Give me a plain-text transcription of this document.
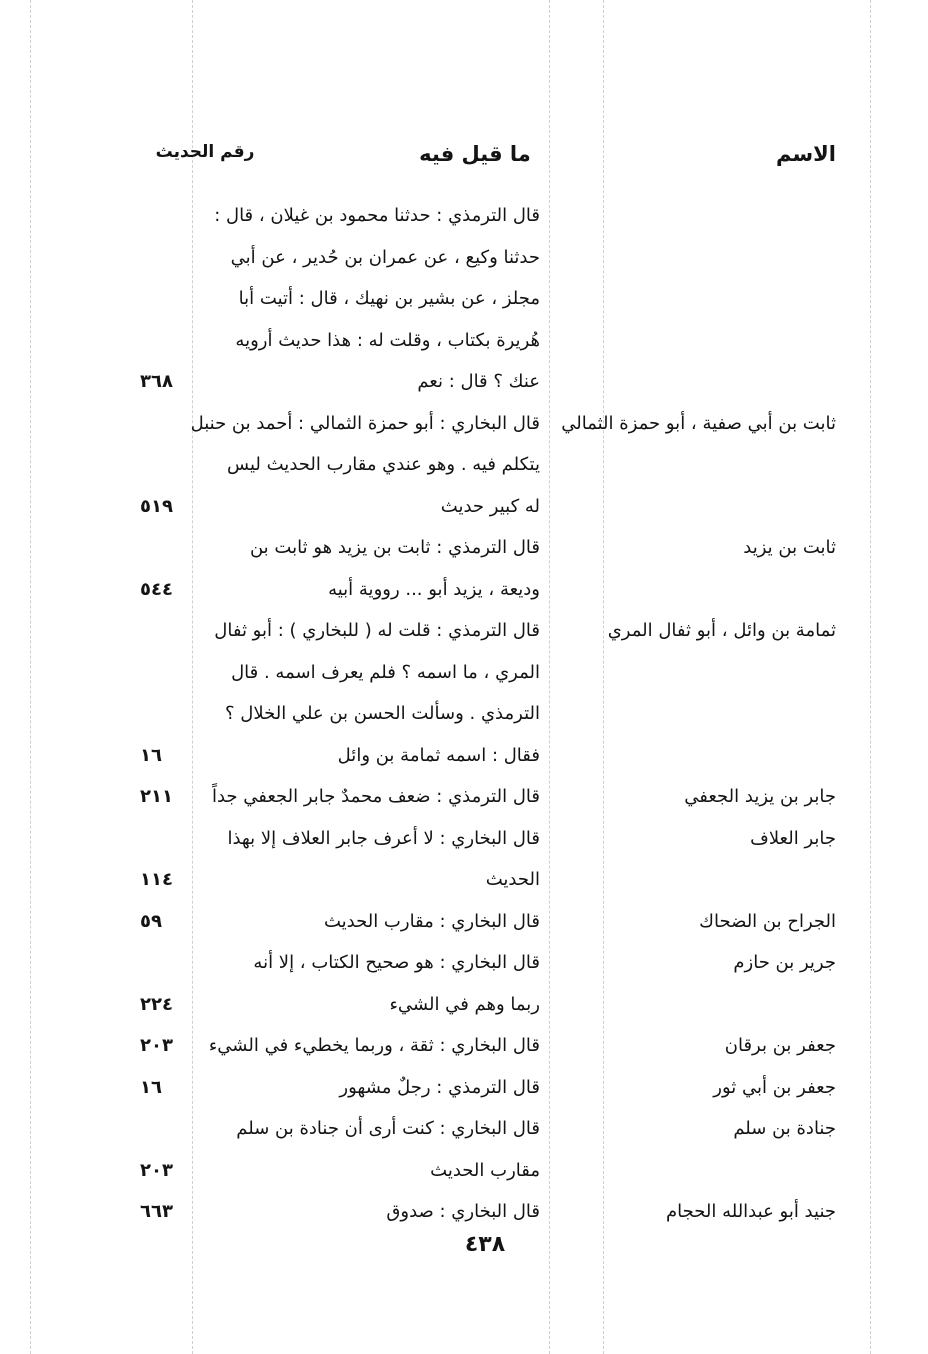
الاسم
ما قيل فيه
رقم الحديث
قال الترمذي : حدثنا محمود بن غيلان ، قال :
حدثنا وكيع ، عن عمران بن حُدير ، عن أبي
مجلز ، عن بشير بن نهيك ، قال : أتيت أبا
هُريرة بكتاب ، وقلت له : هذا حديث أرويه
عنك ؟ قال : نعم
٣٦٨
ثابت بن أبي صفية ، أبو حمزة الثمالي
قال البخاري : أبو حمزة الثمالي : أحمد بن حنبل
يتكلم فيه . وهو عندي مقارب الحديث ليس
له كبير حديث
٥١٩
ثابت بن يزيد
قال الترمذي : ثابت بن يزيد هو ثابت بن
وديعة ، يزيد أبو ... رووية أبيه
٥٤٤
ثمامة بن وائل ، أبو ثفال المري
قال الترمذي : قلت له ( للبخاري ) : أبو ثفال
المري ، ما اسمه ؟ فلم يعرف اسمه . قال
الترمذي . وسألت الحسن بن علي الخلال ؟
فقال : اسمه ثمامة بن وائل
١٦
جابر بن يزيد الجعفي
قال الترمذي : ضعف محمدٌ جابر الجعفي جداً
٢١١
جابر العلاف
قال البخاري : لا أعرف جابر العلاف إلا بهذا
الحديث
١١٤
الجراح بن الضحاك
قال البخاري : مقارب الحديث
٥٩
جرير بن حازم
قال البخاري : هو صحيح الكتاب ، إلا أنه
ربما وهم في الشيء
٢٢٤
جعفر بن برقان
قال البخاري : ثقة ، وربما يخطيء في الشيء
٢٠٣
جعفر بن أبي ثور
قال الترمذي : رجلٌ مشهور
١٦
جنادة بن سلم
قال البخاري : كنت أرى أن جنادة بن سلم
مقارب الحديث
٢٠٣
جنيد أبو عبدالله الحجام
قال البخاري : صدوق
٦٦٣
٤٣٨
